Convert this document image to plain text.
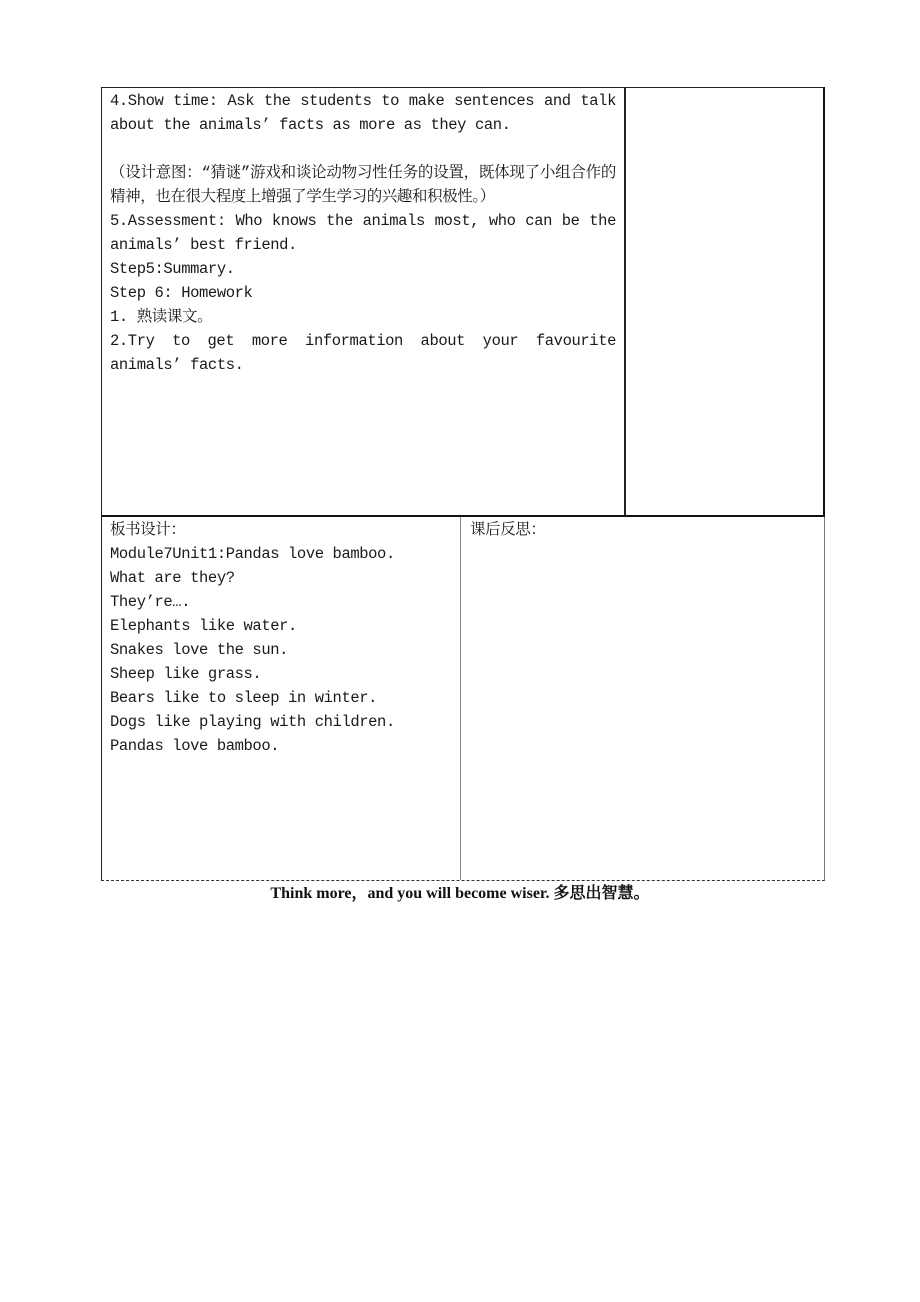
4.Show time: Ask the students to make sentences and talk about the animals’ facts as more as they can.

（设计意图：“猜谜”游戏和谈论动物习性任务的设置，既体现了小组合作的精神，也在很大程度上增强了学生学习的兴趣和积极性。）

5.Assessment: Who knows the animals most, who can be the animals’ best friend.

Step5:Summary.

Step 6: Homework

1. 熟读课文。

2.Try to get more information about your favourite animals’ facts.

板书设计：

Module7Unit1:Pandas love bamboo.

What are they?

They’re….

Elephants like water.

Snakes love the sun.

Sheep like grass.

Bears like to sleep in winter.

Dogs like playing with children.

Pandas love bamboo.

课后反思：

Think more，and you will become wiser. 多思出智慧。
